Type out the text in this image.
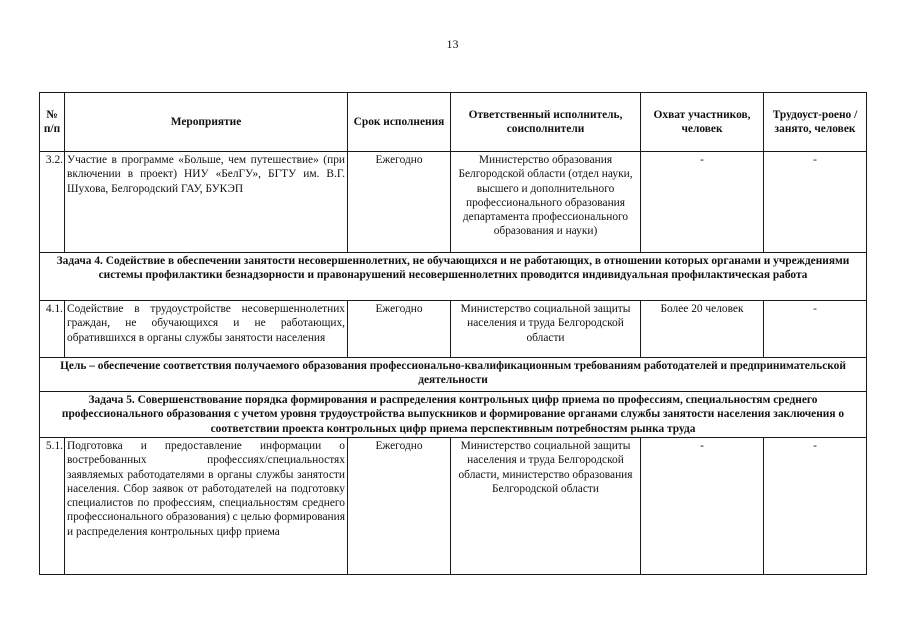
13
№ п/п	Мероприятие	Срок исполнения	Ответственный исполнитель, соисполнители	Охват участников, человек	Трудоуст-роено / занято, человек
3.2.	Участие в программе «Больше, чем путешествие» (при включении в проект) НИУ «БелГУ», БГТУ им. В.Г. Шухова, Белгородский ГАУ, БУКЭП	Ежегодно	Министерство образования Белгородской области (отдел науки, высшего и дополнительного профессионального образования департамента профессионального образования и науки)	-	-
Задача 4. Содействие в обеспечении занятости несовершеннолетних, не обучающихся и не работающих, в отношении которых органами и учреждениями системы профилактики безнадзорности и правонарушений несовершеннолетних проводится индивидуальная профилактическая работа					
4.1.	Содействие в трудоустройстве несовершеннолетних граждан, не обучающихся и не работающих, обратившихся в органы службы занятости населения	Ежегодно	Министерство социальной защиты населения и труда Белгородской области	Более 20 человек	-
Цель – обеспечение соответствия получаемого образования профессионально-квалификационным требованиям работодателей и предпринимательской деятельности					
Задача 5. Совершенствование порядка формирования и распределения контрольных цифр приема по профессиям, специальностям среднего профессионального образования с учетом уровня трудоустройства выпускников и формирование органами службы занятости населения заключения о соответствии проекта контрольных цифр приема перспективным потребностям рынка труда					
5.1.	Подготовка и предоставление информации о востребованных профессиях/специальностях заявляемых работодателями в органы службы занятости населения. Сбор заявок от работодателей на подготовку специалистов по профессиям, специальностям среднего профессионального образования) с целью формирования и распределения контрольных цифр приема	Ежегодно	Министерство социальной защиты населения и труда Белгородской области, министерство образования Белгородской области	-	-
